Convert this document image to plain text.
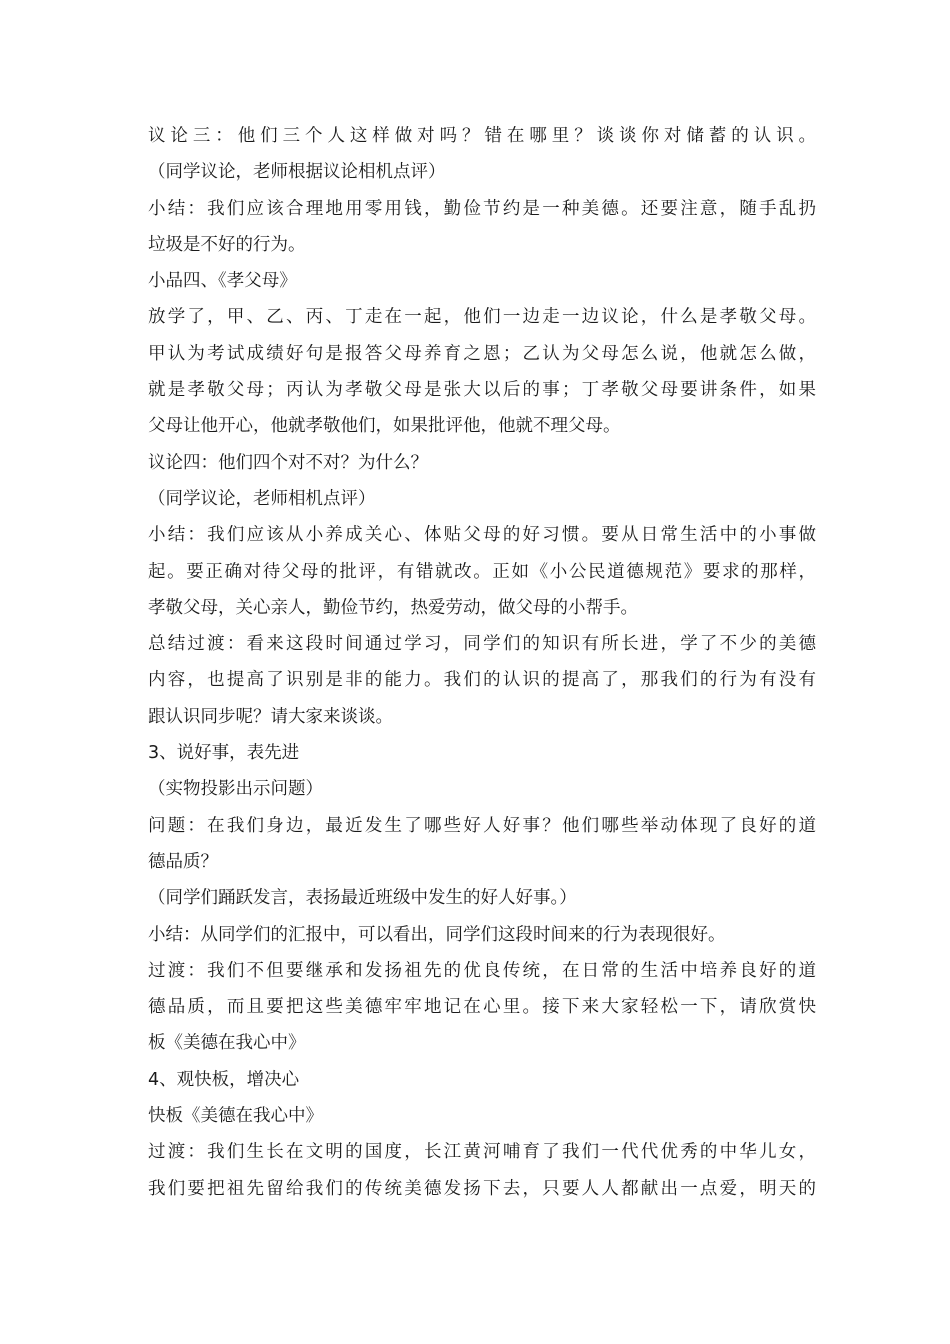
议论三：他们三个人这样做对吗？错在哪里？谈谈你对储蓄的认识。
（同学议论，老师根据议论相机点评）
小结：我们应该合理地用零用钱，勤俭节约是一种美德。还要注意，随手乱扔
垃圾是不好的行为。
小品四、《孝父母》
放学了，甲、乙、丙、丁走在一起，他们一边走一边议论，什么是孝敬父母。
甲认为考试成绩好句是报答父母养育之恩；乙认为父母怎么说，他就怎么做，
就是孝敬父母；丙认为孝敬父母是张大以后的事；丁孝敬父母要讲条件，如果
父母让他开心，他就孝敬他们，如果批评他，他就不理父母。
议论四：他们四个对不对？为什么？
（同学议论，老师相机点评）
小结：我们应该从小养成关心、体贴父母的好习惯。要从日常生活中的小事做
起。要正确对待父母的批评，有错就改。正如《小公民道德规范》要求的那样，
孝敬父母，关心亲人，勤俭节约，热爱劳动，做父母的小帮手。
总结过渡：看来这段时间通过学习，同学们的知识有所长进，学了不少的美德
内容，也提高了识别是非的能力。我们的认识的提高了，那我们的行为有没有
跟认识同步呢？请大家来谈谈。
3、说好事，表先进
（实物投影出示问题）
问题：在我们身边，最近发生了哪些好人好事？他们哪些举动体现了良好的道
德品质？
（同学们踊跃发言，表扬最近班级中发生的好人好事。）
小结：从同学们的汇报中，可以看出，同学们这段时间来的行为表现很好。
过渡：我们不但要继承和发扬祖先的优良传统，在日常的生活中培养良好的道
德品质，而且要把这些美德牢牢地记在心里。接下来大家轻松一下，请欣赏快
板《美德在我心中》
4、观快板，增决心
快板《美德在我心中》
过渡：我们生长在文明的国度，长江黄河哺育了我们一代代优秀的中华儿女，
我们要把祖先留给我们的传统美德发扬下去，只要人人都献出一点爱，明天的
